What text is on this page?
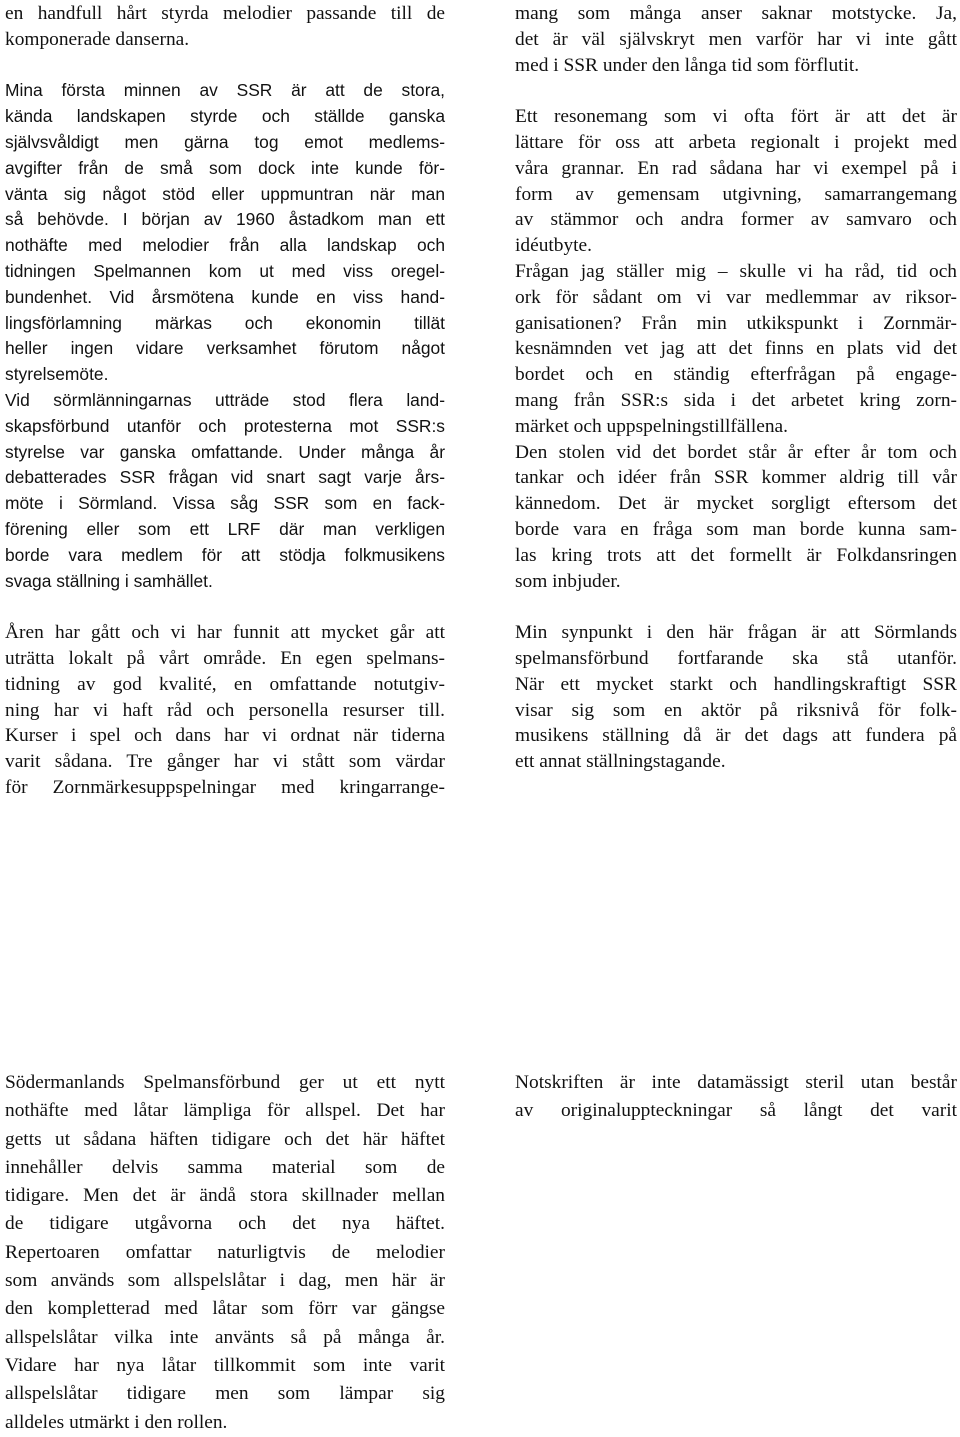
en handfull hårt styrda melodier passande till de
komponerade danserna.
Mina första minnen av SSR är att de stora,
kända landskapen styrde och ställde ganska
självsvåldigt men gärna tog emot medlems-
avgifter från de små som dock inte kunde för-
vänta sig något stöd eller uppmuntran när man
så behövde. I början av 1960 åstadkom man ett
nothäfte med melodier från alla landskap och
tidningen Spelmannen kom ut med viss oregel-
bundenhet. Vid årsmötena kunde en viss hand-
lingsförlamning märkas och ekonomin tillät
heller ingen vidare verksamhet förutom något
styrelsemöte.
Vid sörmlänningarnas utträde stod flera land-
skapsförbund utanför och protesterna mot SSR:s
styrelse var ganska omfattande. Under många år
debatterades SSR frågan vid snart sagt varje års-
möte i Sörmland. Vissa såg SSR som en fack-
förening eller som ett LRF där man verkligen
borde vara medlem för att stödja folkmusikens
svaga ställning i samhället.
Åren har gått och vi har funnit att mycket går att
uträtta lokalt på vårt område. En egen spelmans-
tidning av god kvalité, en omfattande notutgiv-
ning har vi haft råd och personella resurser till.
Kurser i spel och dans har vi ordnat när tiderna
varit sådana. Tre gånger har vi stått som värdar
för Zornmärkesuppspelningar med kringarrange-
mang som många anser saknar motstycke. Ja,
det är väl självskryt men varför har vi inte gått
med i SSR under den långa tid som förflutit.
Ett resonemang som vi ofta fört är att det är
lättare för oss att arbeta regionalt i projekt med
våra grannar. En rad sådana har vi exempel på i
form av gemensam utgivning, samarrangemang
av stämmor och andra former av samvaro och
idéutbyte.
Frågan jag ställer mig – skulle vi ha råd, tid och
ork för sådant om vi var medlemmar av riksor-
ganisationen? Från min utkikspunkt i Zornmär-
kesnämnden vet jag att det finns en plats vid det
bordet och en ständig efterfrågan på engage-
mang från SSR:s sida i det arbetet kring zorn-
märket och uppspelningstillfällena.
Den stolen vid det bordet står år efter år tom och
tankar och idéer från SSR kommer aldrig till vår
kännedom. Det är mycket sorgligt eftersom det
borde vara en fråga som man borde kunna sam-
las kring trots att det formellt är Folkdansringen
som inbjuder.
Min synpunkt i den här frågan är att Sörmlands
spelmansförbund fortfarande ska stå utanför.
När ett mycket starkt och handlingskraftigt SSR
visar sig som en aktör på riksnivå för folk-
musikens ställning då är det dags att fundera på
ett annat ställningstagande.
Södermanlands Spelmansförbund ger ut ett nytt
nothäfte med låtar lämpliga för allspel. Det har
getts ut sådana häften tidigare och det här häftet
innehåller delvis samma material som de
tidigare. Men det är ändå stora skillnader mellan
de tidigare utgåvorna och det nya häftet.
Repertoaren omfattar naturligtvis de melodier
som används som allspelslåtar i dag, men här är
den kompletterad med låtar som förr var gängse
allspelslåtar vilka inte använts så på många år.
Vidare har nya låtar tillkommit som inte varit
allspelslåtar tidigare men som lämpar sig
alldeles utmärkt i den rollen.
Notskriften är inte datamässigt steril utan består
av originaluppteckningar så långt det varit
